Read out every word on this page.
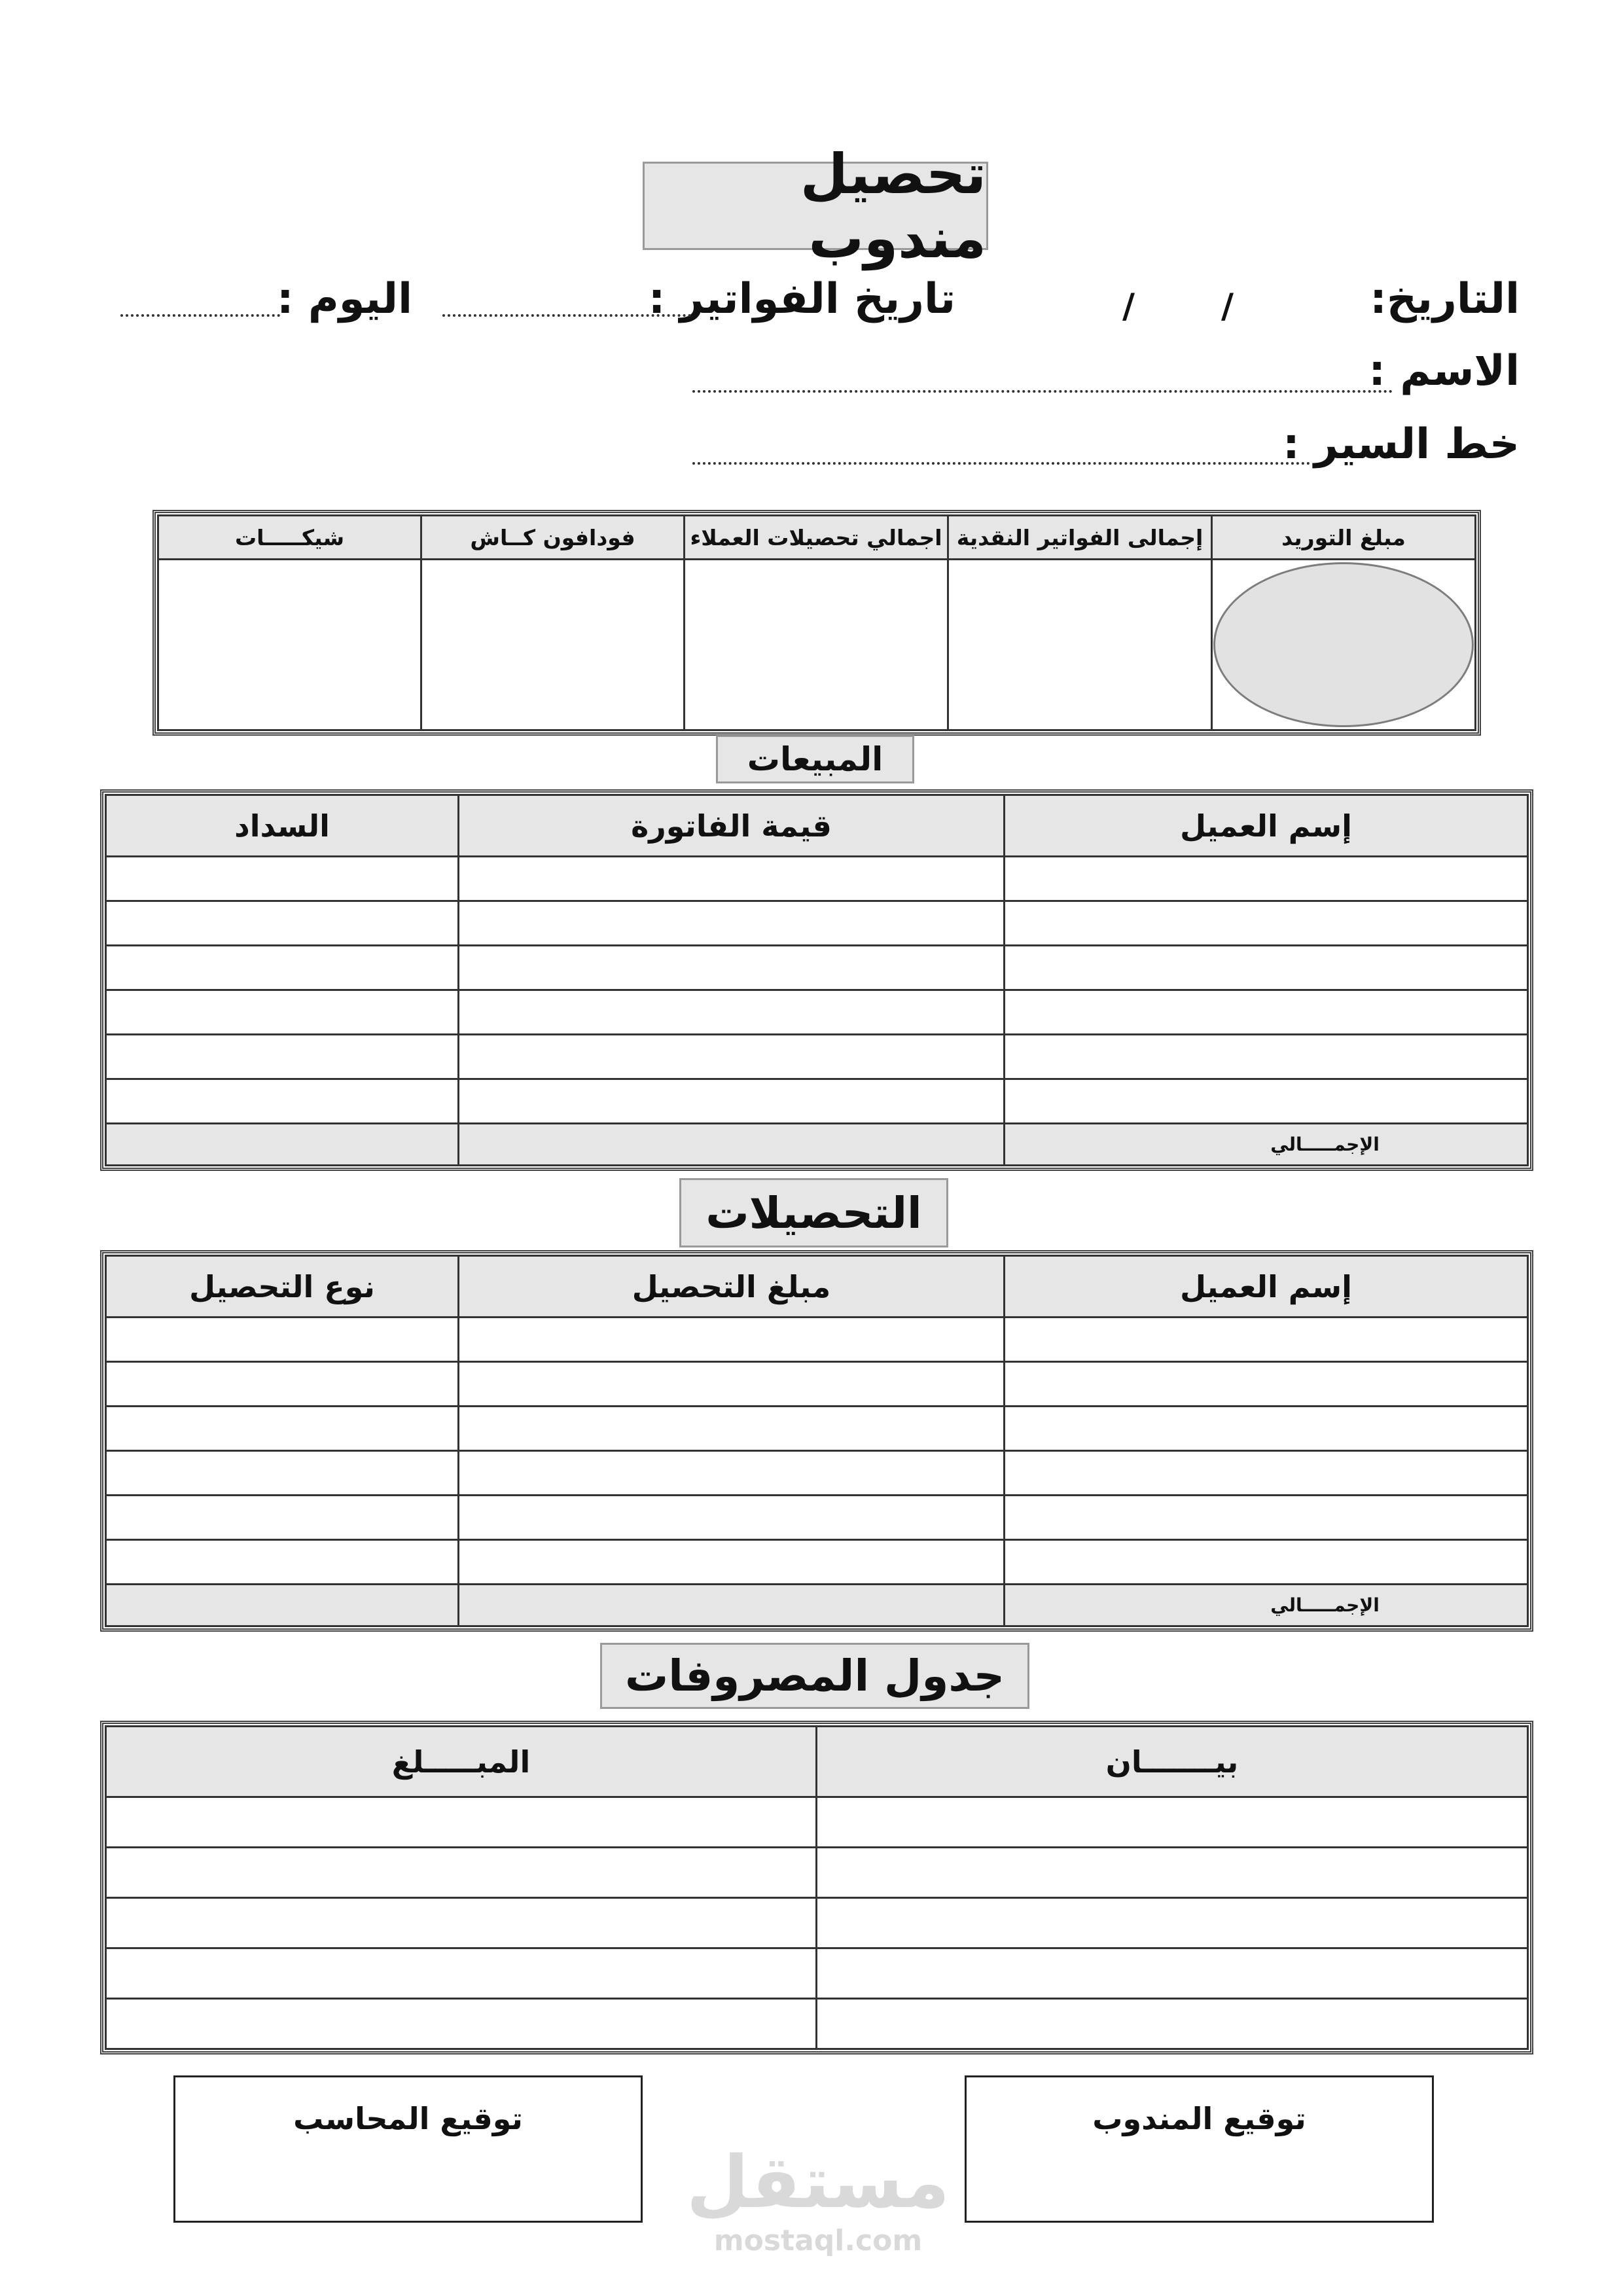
تحصيل مندوب
التاريخ:
/
/
تاريخ الفواتير :
اليوم :
الاسم :
خط السير :
مبلغ التوريد	إجمالى الفواتير النقدية	اجمالي تحصيلات العملاء	فودافون كــاش	شيكـــــات

المبيعات
إسم العميل	قيمة الفاتورة	السداد

الإجمـــــالي		
التحصيلات
إسم العميل	مبلغ التحصيل	نوع التحصيل

الإجمـــــالي		
جدول المصروفات
بيـــــــان	المبـــــلغ

توقيع المندوب
توقيع المحاسب
مستقل
mostaql.com
